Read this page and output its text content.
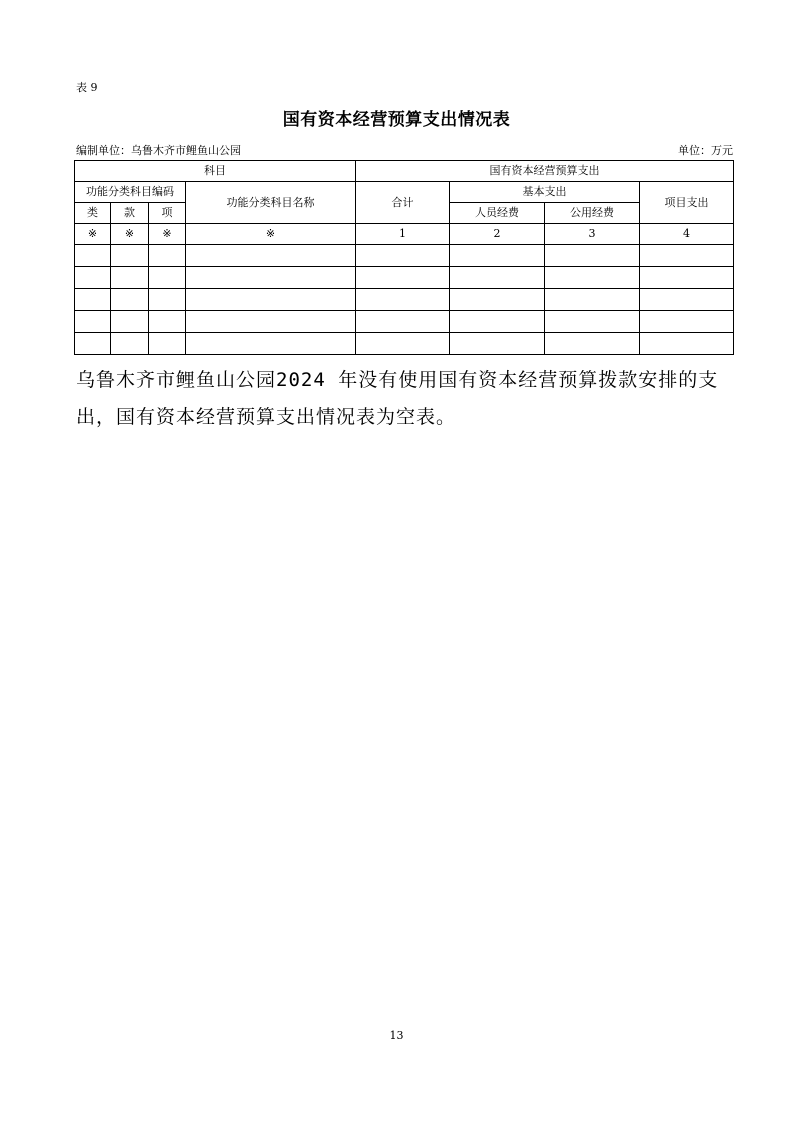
表 9
国有资本经营预算支出情况表
编制单位：乌鲁木齐市鲤鱼山公园	单位：万元
科目				国有资本经营预算支出			
功能分类科目编码			功能分类科目名称	合计	基本支出		项目支出
类	款	项			人员经费	公用经费	
※	※	※	※	1	2	3	4

乌鲁木齐市鲤鱼山公园2024 年没有使用国有资本经营预算拨款安排的支出，国有资本经营预算支出情况表为空表。
13
